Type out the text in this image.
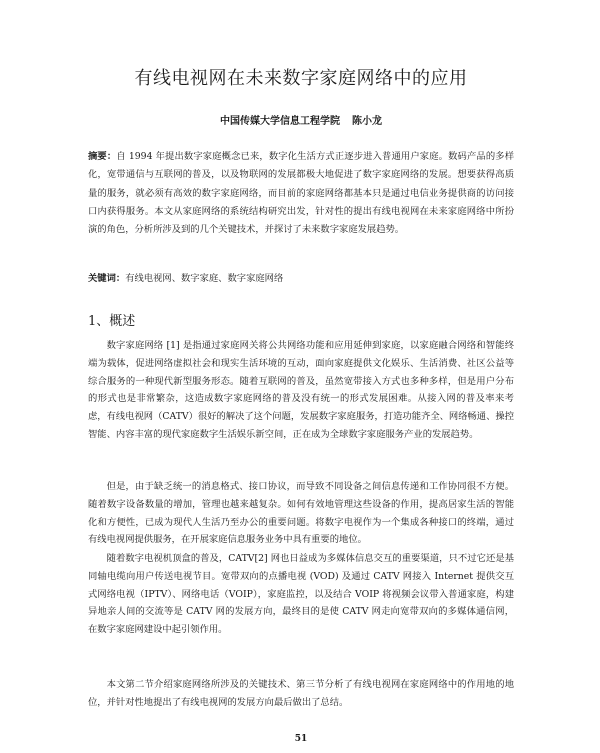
有线电视网在未来数字家庭网络中的应用
中国传媒大学信息工程学院 陈小龙

摘要：自 1994 年提出数字家庭概念已来，数字化生活方式正逐步进入普通用户家庭。数码产品的多样化，宽带通信与互联网的普及，以及物联网的发展都极大地促进了数字家庭网络的发展。想要获得高质量的服务，就必须有高效的数字家庭网络，而目前的家庭网络都基本只是通过电信业务提供商的访问接口内获得服务。本文从家庭网络的系统结构研究出发，针对性的提出有线电视网在未来家庭网络中所扮演的角色，分析所涉及到的几个关键技术，并探讨了未来数字家庭发展趋势。

关键词：有线电视网、数字家庭、数字家庭网络

1、概述

数字家庭网络 [1] 是指通过家庭网关将公共网络功能和应用延伸到家庭，以家庭融合网络和智能终端为载体，促进网络虚拟社会和现实生活环境的互动，面向家庭提供文化娱乐、生活消费、社区公益等综合服务的一种现代新型服务形态。随着互联网的普及，虽然宽带接入方式也多种多样，但是用户分布的形式也是非常繁杂，这造成数字家庭网络的普及没有统一的形式发展困难。从接入网的普及率来考虑，有线电视网（CATV）很好的解决了这个问题，发展数字家庭服务，打造功能齐全、网络畅通、操控智能、内容丰富的现代家庭数字生活娱乐新空间，正在成为全球数字家庭服务产业的发展趋势。

但是，由于缺乏统一的消息格式、接口协议，而导致不同设备之间信息传递和工作协同很不方便。随着数字设备数量的增加，管理也越来越复杂。如何有效地管理这些设备的作用，提高居家生活的智能化和方便性，已成为现代人生活乃至办公的重要问题。将数字电视作为一个集成各种接口的终端，通过有线电视网提供服务，在开展家庭信息服务业务中具有重要的地位。

随着数字电视机顶盒的普及，CATV[2] 网也日益成为多媒体信息交互的重要渠道，只不过它还是基同轴电缆向用户传送电视节目。宽带双向的点播电视 (VOD) 及通过 CATV 网接入 Internet 提供交互式网络电视（IPTV）、网络电话（VOIP），家庭监控，以及结合 VOIP 将视频会议带入普通家庭，构建异地亲人间的交流等是 CATV 网的发展方向，最终目的是使 CATV 网走向宽带双向的多媒体通信网，在数字家庭网建设中起引领作用。

本文第二节介绍家庭网络所涉及的关键技术、第三节分析了有线电视网在家庭网络中的作用地的地位，并针对性地提出了有线电视网的发展方向最后做出了总结。

51
